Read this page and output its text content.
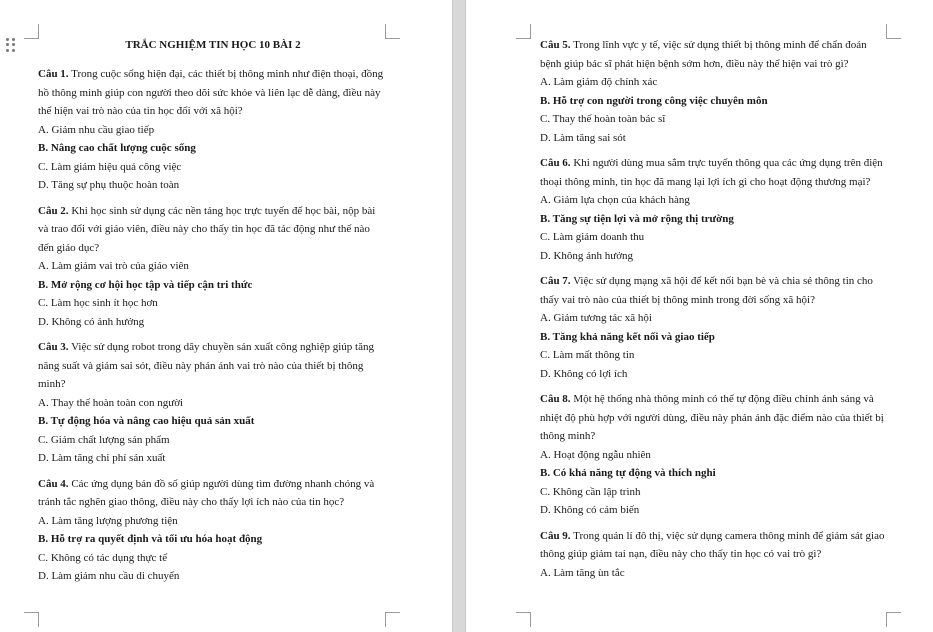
TRẮC NGHIỆM TIN HỌC 10 BÀI 2

Câu 1. Trong cuộc sống hiện đại, các thiết bị thông minh như điện thoại, đồng hồ thông minh giúp con người theo dõi sức khỏe và liên lạc dễ dàng, điều này thể hiện vai trò nào của tin học đối với xã hội?

A. Giảm nhu cầu giao tiếp

B. Nâng cao chất lượng cuộc sống

C. Làm giảm hiệu quả công việc

D. Tăng sự phụ thuộc hoàn toàn

Câu 2. Khi học sinh sử dụng các nền tảng học trực tuyến để học bài, nộp bài và trao đổi với giáo viên, điều này cho thấy tin học đã tác động như thế nào đến giáo dục?

A. Làm giảm vai trò của giáo viên

B. Mở rộng cơ hội học tập và tiếp cận tri thức

C. Làm học sinh ít học hơn

D. Không có ảnh hưởng

Câu 3. Việc sử dụng robot trong dây chuyền sản xuất công nghiệp giúp tăng năng suất và giảm sai sót, điều này phản ánh vai trò nào của thiết bị thông minh?

A. Thay thế hoàn toàn con người

B. Tự động hóa và nâng cao hiệu quả sản xuất

C. Giảm chất lượng sản phẩm

D. Làm tăng chi phí sản xuất

Câu 4. Các ứng dụng bản đồ số giúp người dùng tìm đường nhanh chóng và tránh tắc nghẽn giao thông, điều này cho thấy lợi ích nào của tin học?

A. Làm tăng lượng phương tiện

B. Hỗ trợ ra quyết định và tối ưu hóa hoạt động

C. Không có tác dụng thực tế

D. Làm giảm nhu cầu di chuyển

Câu 5. Trong lĩnh vực y tế, việc sử dụng thiết bị thông minh để chẩn đoán bệnh giúp bác sĩ phát hiện bệnh sớm hơn, điều này thể hiện vai trò gì?

A. Làm giảm độ chính xác

B. Hỗ trợ con người trong công việc chuyên môn

C. Thay thế hoàn toàn bác sĩ

D. Làm tăng sai sót

Câu 6. Khi người dùng mua sắm trực tuyến thông qua các ứng dụng trên điện thoại thông minh, tin học đã mang lại lợi ích gì cho hoạt động thương mại?

A. Giảm lựa chọn của khách hàng

B. Tăng sự tiện lợi và mở rộng thị trường

C. Làm giảm doanh thu

D. Không ảnh hưởng

Câu 7. Việc sử dụng mạng xã hội để kết nối bạn bè và chia sẻ thông tin cho thấy vai trò nào của thiết bị thông minh trong đời sống xã hội?

A. Giảm tương tác xã hội

B. Tăng khả năng kết nối và giao tiếp

C. Làm mất thông tin

D. Không có lợi ích

Câu 8. Một hệ thống nhà thông minh có thể tự động điều chỉnh ánh sáng và nhiệt độ phù hợp với người dùng, điều này phản ánh đặc điểm nào của thiết bị thông minh?

A. Hoạt động ngẫu nhiên

B. Có khả năng tự động và thích nghi

C. Không cần lập trình

D. Không có cảm biến

Câu 9. Trong quản lí đô thị, việc sử dụng camera thông minh để giám sát giao thông giúp giảm tai nạn, điều này cho thấy tin học có vai trò gì?

A. Làm tăng ùn tắc
